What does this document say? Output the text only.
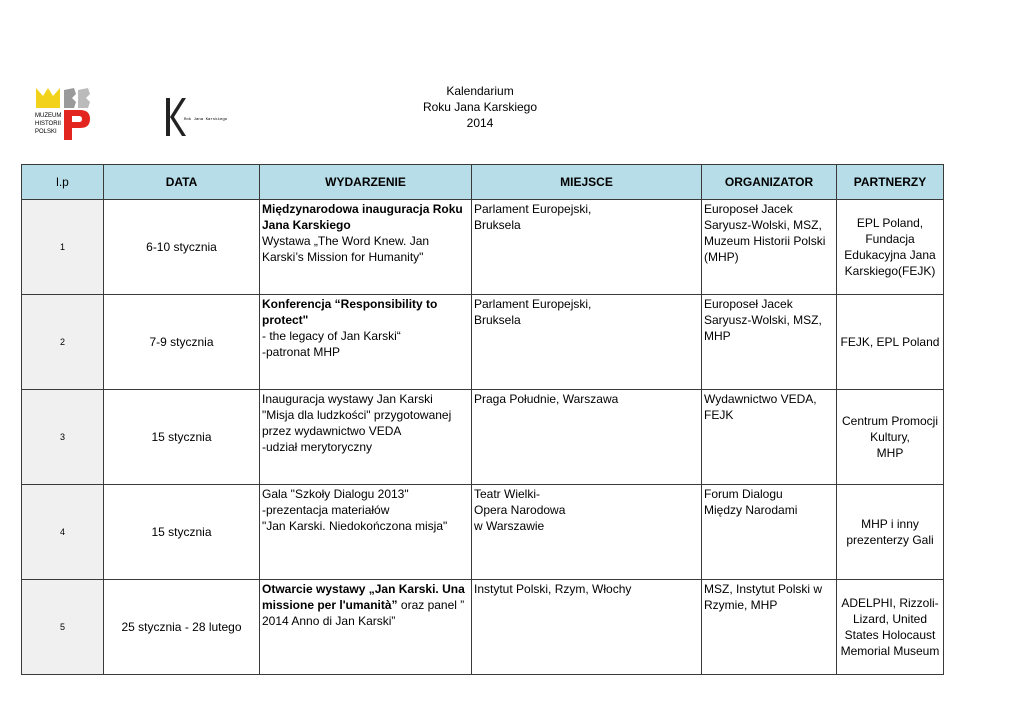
MUZEUM
HISTORII
POLSKI
Rok Jana Karskiego
Kalendarium
Roku Jana Karskiego
2014
l.p	DATA	WYDARZENIE	MIEJSCE	ORGANIZATOR	PARTNERZY
1	6-10 stycznia	Międzynarodowa inauguracja Roku
Jana Karskiego
Wystawa „The Word Knew. Jan
Karski’s Mission for Humanity"	Parlament Europejski,
Bruksela	Europoseł Jacek
Saryusz-Wolski, MSZ,
Muzeum Historii Polski
(MHP)	EPL Poland,
Fundacja
Edukacyjna Jana
Karskiego(FEJK)

2	7-9 stycznia	Konferencja “Responsibility to
protect"
- the legacy of Jan Karski“
-patronat MHP	Parlament Europejski,
Bruksela	Europoseł Jacek
Saryusz-Wolski, MSZ,
MHP	FEJK, EPL Poland

3	15 stycznia	Inauguracja wystawy Jan Karski
"Misja dla ludzkości" przygotowanej
przez wydawnictwo VEDA
-udział merytoryczny	Praga Południe, Warszawa	Wydawnictwo VEDA,
FEJK	Centrum Promocji
Kultury,
MHP

4	15 stycznia	Gala "Szkoły Dialogu 2013"
-prezentacja materiałów
"Jan Karski. Niedokończona misja"	Teatr Wielki-
Opera Narodowa
w Warszawie	Forum Dialogu
Między Narodami	MHP i inny
prezenterzy Gali

5	25 stycznia - 28 lutego	Otwarcie wystawy „Jan Karski. Una
missione per l'umanità” oraz panel ”
2014 Anno di Jan Karski”	Instytut Polski, Rzym, Włochy	MSZ, Instytut Polski w
Rzymie, MHP	ADELPHI, Rizzoli-
Lizard, United
States Holocaust
Memorial Museum
